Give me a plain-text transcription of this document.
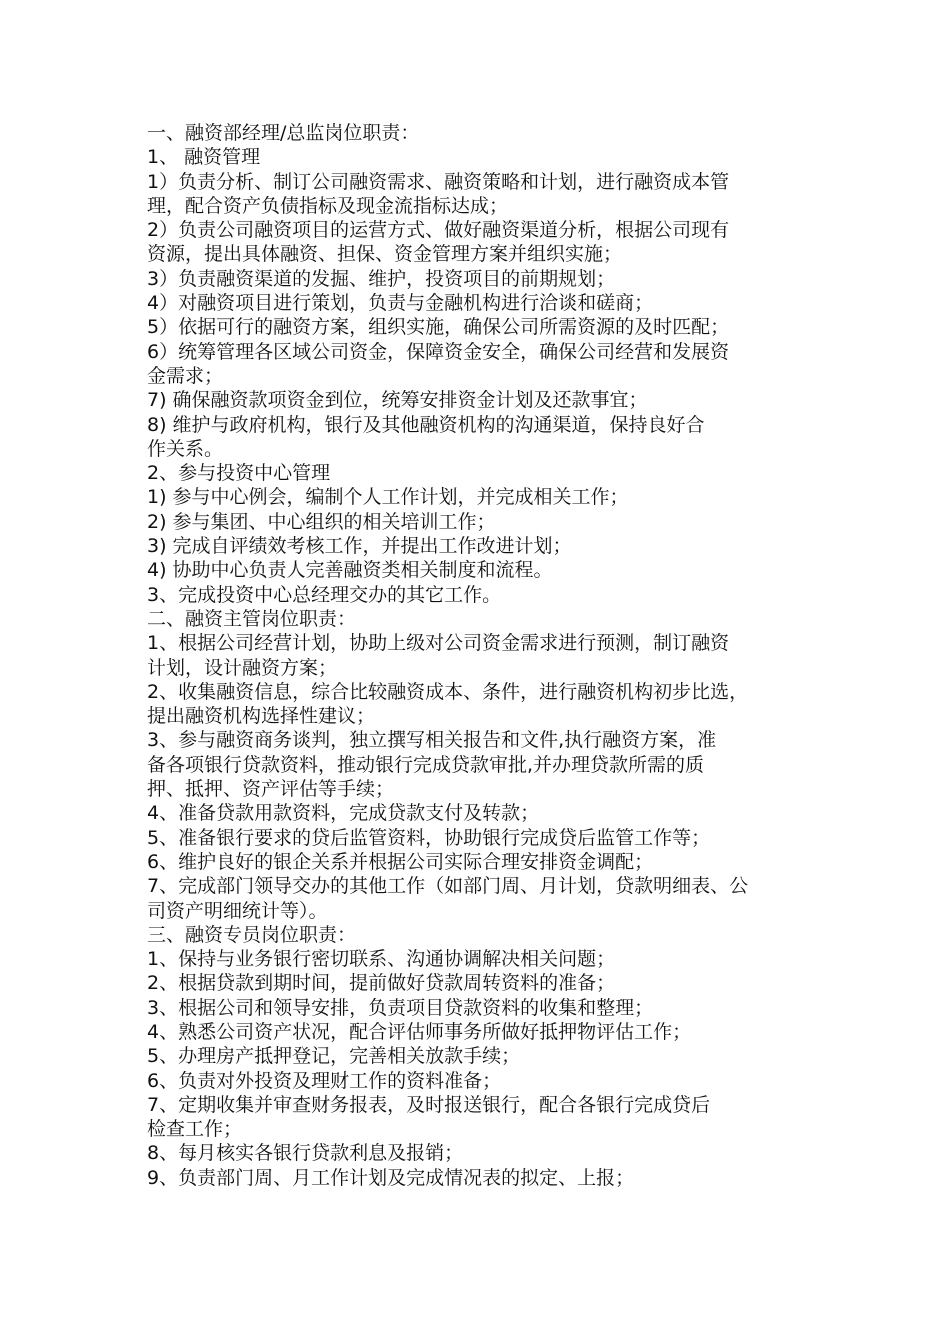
一、融资部经理/总监岗位职责：
1、 融资管理
1）负责分析、制订公司融资需求、融资策略和计划，进行融资成本管
理，配合资产负债指标及现金流指标达成；
2）负责公司融资项目的运营方式、做好融资渠道分析，根据公司现有
资源，提出具体融资、担保、资金管理方案并组织实施；
3）负责融资渠道的发掘、维护，投资项目的前期规划；
4）对融资项目进行策划，负责与金融机构进行洽谈和磋商；
5）依据可行的融资方案，组织实施，确保公司所需资源的及时匹配；
6）统筹管理各区域公司资金，保障资金安全，确保公司经营和发展资
金需求；
7) 确保融资款项资金到位，统筹安排资金计划及还款事宜；
8) 维护与政府机构，银行及其他融资机构的沟通渠道，保持良好合
作关系。
2、参与投资中心管理
1) 参与中心例会，编制个人工作计划，并完成相关工作；
2) 参与集团、中心组织的相关培训工作；
3) 完成自评绩效考核工作，并提出工作改进计划；
4) 协助中心负责人完善融资类相关制度和流程。
3、完成投资中心总经理交办的其它工作。
二、融资主管岗位职责：
1、根据公司经营计划，协助上级对公司资金需求进行预测，制订融资
计划，设计融资方案；
2、收集融资信息，综合比较融资成本、条件，进行融资机构初步比选，
提出融资机构选择性建议；
3、参与融资商务谈判，独立撰写相关报告和文件,执行融资方案，准
备各项银行贷款资料，推动银行完成贷款审批,并办理贷款所需的质
押、抵押、资产评估等手续；
4、准备贷款用款资料，完成贷款支付及转款；
5、准备银行要求的贷后监管资料，协助银行完成贷后监管工作等；
6、维护良好的银企关系并根据公司实际合理安排资金调配；
7、完成部门领导交办的其他工作（如部门周、月计划，贷款明细表、公
司资产明细统计等）。
三、融资专员岗位职责：
1、保持与业务银行密切联系、沟通协调解决相关问题；
2、根据贷款到期时间，提前做好贷款周转资料的准备；
3、根据公司和领导安排，负责项目贷款资料的收集和整理；
4、熟悉公司资产状况，配合评估师事务所做好抵押物评估工作；
5、办理房产抵押登记，完善相关放款手续；
6、负责对外投资及理财工作的资料准备；
7、定期收集并审查财务报表，及时报送银行，配合各银行完成贷后
检查工作；
8、每月核实各银行贷款利息及报销；
9、负责部门周、月工作计划及完成情况表的拟定、上报；
